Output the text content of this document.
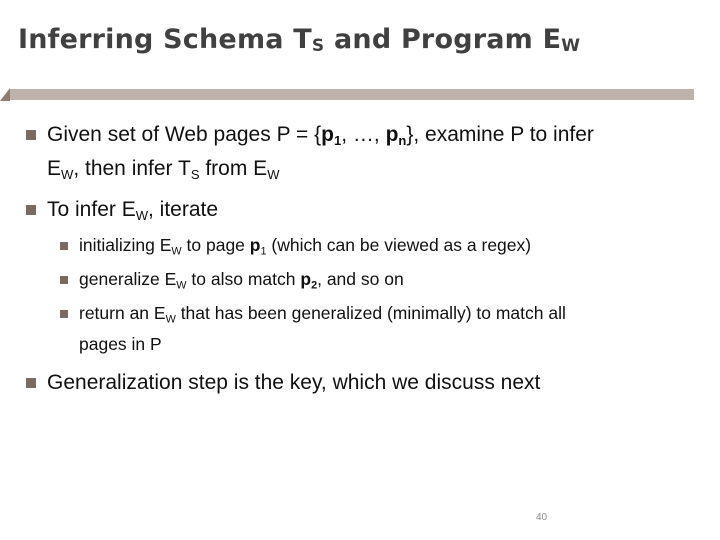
Inferring Schema $T_S$ and Program $E_W$
Given set of Web pages $P = \{p_1$, …, $p_n$}, examine P to infer
$E_W$, then infer $T_S$ from $E_W$
To infer $E_W$, iterate
initializing $E_W$ to page $p_1$ (which can be viewed as a regex)
generalize $E_W$ to also match $p_2$, and so on
return an $E_W$ that has been generalized (minimally) to match all
pages in P
Generalization step is the key, which we discuss next
40
